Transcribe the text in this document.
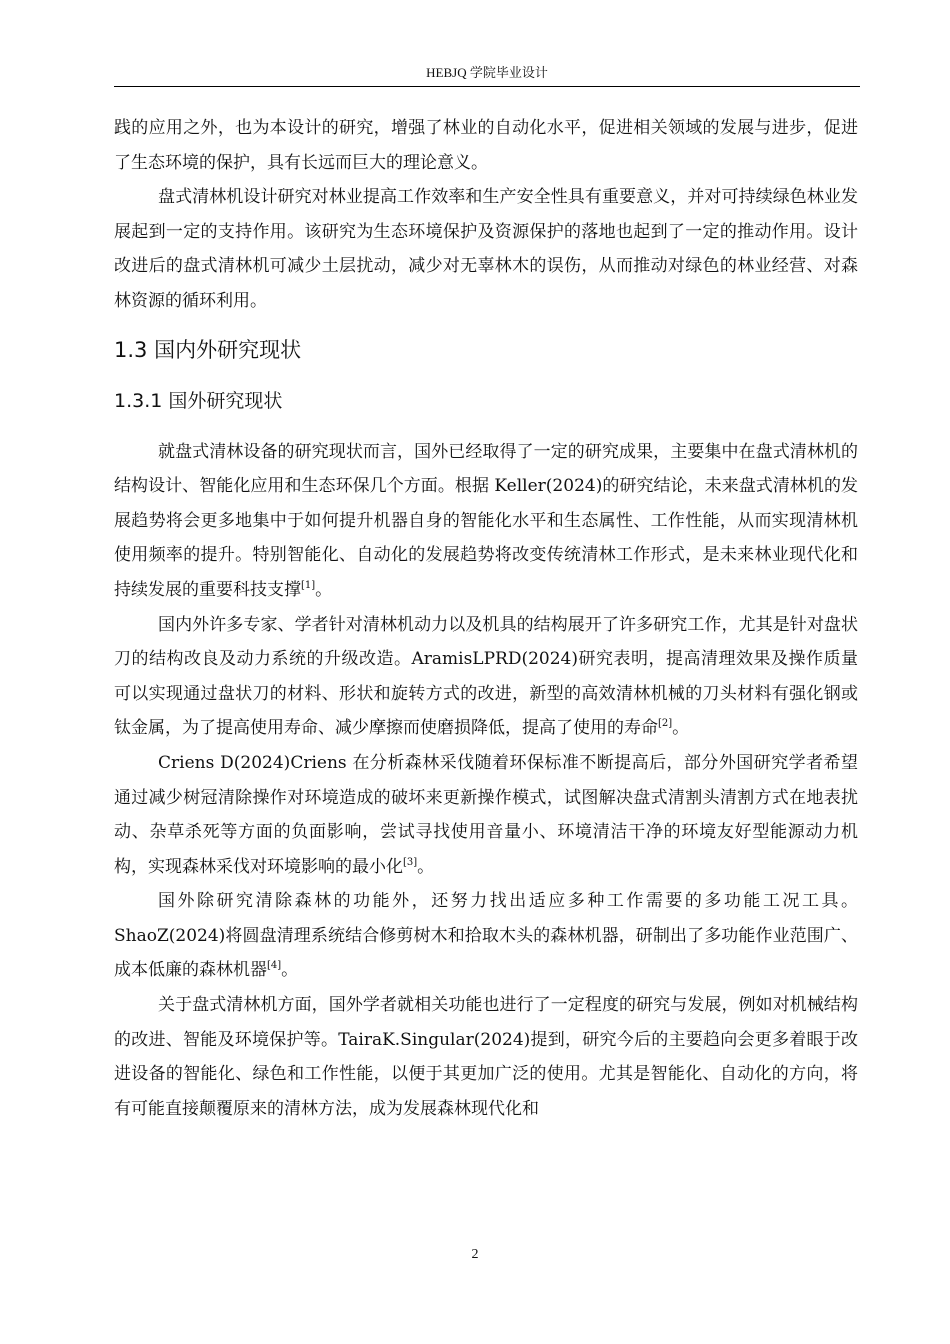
HEBJQ 学院毕业设计

践的应用之外，也为本设计的研究，增强了林业的自动化水平，促进相关领域的发展与进步，促进了生态环境的保护，具有长远而巨大的理论意义。

盘式清林机设计研究对林业提高工作效率和生产安全性具有重要意义，并对可持续绿色林业发展起到一定的支持作用。该研究为生态环境保护及资源保护的落地也起到了一定的推动作用。设计改进后的盘式清林机可减少土层扰动，减少对无辜林木的误伤，从而推动对绿色的林业经营、对森林资源的循环利用。

1.3 国内外研究现状
1.3.1 国外研究现状

就盘式清林设备的研究现状而言，国外已经取得了一定的研究成果，主要集中在盘式清林机的结构设计、智能化应用和生态环保几个方面。根据 Keller(2024)的研究结论，未来盘式清林机的发展趋势将会更多地集中于如何提升机器自身的智能化水平和生态属性、工作性能，从而实现清林机使用频率的提升。特别智能化、自动化的发展趋势将改变传统清林工作形式，是未来林业现代化和持续发展的重要科技支撑[1]。

国内外许多专家、学者针对清林机动力以及机具的结构展开了许多研究工作，尤其是针对盘状刀的结构改良及动力系统的升级改造。AramisLPRD(2024)研究表明，提高清理效果及操作质量可以实现通过盘状刀的材料、形状和旋转方式的改进，新型的高效清林机械的刀头材料有强化钢或钛金属，为了提高使用寿命、减少摩擦而使磨损降低，提高了使用的寿命[2]。

Criens D(2024)Criens 在分析森林采伐随着环保标准不断提高后，部分外国研究学者希望通过减少树冠清除操作对环境造成的破坏来更新操作模式，试图解决盘式清割头清割方式在地表扰动、杂草杀死等方面的负面影响，尝试寻找使用音量小、环境清洁干净的环境友好型能源动力机构，实现森林采伐对环境影响的最小化[3]。

国外除研究清除森林的功能外，还努力找出适应多种工作需要的多功能工况工具。ShaoZ(2024)将圆盘清理系统结合修剪树木和拾取木头的森林机器，研制出了多功能作业范围广、成本低廉的森林机器[4]。

关于盘式清林机方面，国外学者就相关功能也进行了一定程度的研究与发展，例如对机械结构的改进、智能及环境保护等。TairaK.Singular(2024)提到，研究今后的主要趋向会更多着眼于改进设备的智能化、绿色和工作性能，以便于其更加广泛的使用。尤其是智能化、自动化的方向，将有可能直接颠覆原来的清林方法，成为发展森林现代化和

2
